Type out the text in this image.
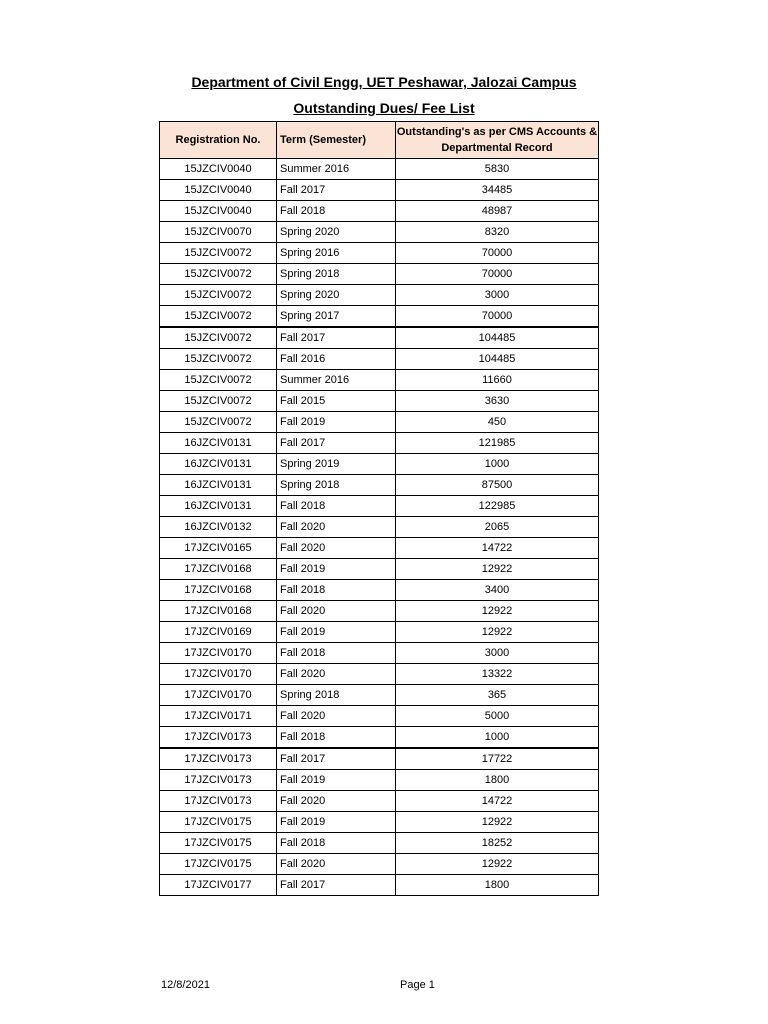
Department of Civil Engg, UET Peshawar, Jalozai Campus
Outstanding Dues/ Fee List
Registration No.	Term (Semester)	Outstanding's as per CMS Accounts & Departmental Record
15JZCIV0040	Summer 2016	5830
15JZCIV0040	Fall 2017	34485
15JZCIV0040	Fall 2018	48987
15JZCIV0070	Spring 2020	8320
15JZCIV0072	Spring 2016	70000
15JZCIV0072	Spring 2018	70000
15JZCIV0072	Spring 2020	3000
15JZCIV0072	Spring 2017	70000
15JZCIV0072	Fall 2017	104485
15JZCIV0072	Fall 2016	104485
15JZCIV0072	Summer 2016	11660
15JZCIV0072	Fall 2015	3630
15JZCIV0072	Fall 2019	450
16JZCIV0131	Fall 2017	121985
16JZCIV0131	Spring 2019	1000
16JZCIV0131	Spring 2018	87500
16JZCIV0131	Fall 2018	122985
16JZCIV0132	Fall 2020	2065
17JZCIV0165	Fall 2020	14722
17JZCIV0168	Fall 2019	12922
17JZCIV0168	Fall 2018	3400
17JZCIV0168	Fall 2020	12922
17JZCIV0169	Fall 2019	12922
17JZCIV0170	Fall 2018	3000
17JZCIV0170	Fall 2020	13322
17JZCIV0170	Spring 2018	365
17JZCIV0171	Fall 2020	5000
17JZCIV0173	Fall 2018	1000
17JZCIV0173	Fall 2017	17722
17JZCIV0173	Fall 2019	1800
17JZCIV0173	Fall 2020	14722
17JZCIV0175	Fall 2019	12922
17JZCIV0175	Fall 2018	18252
17JZCIV0175	Fall 2020	12922
17JZCIV0177	Fall 2017	1800
12/8/2021	Page 1
